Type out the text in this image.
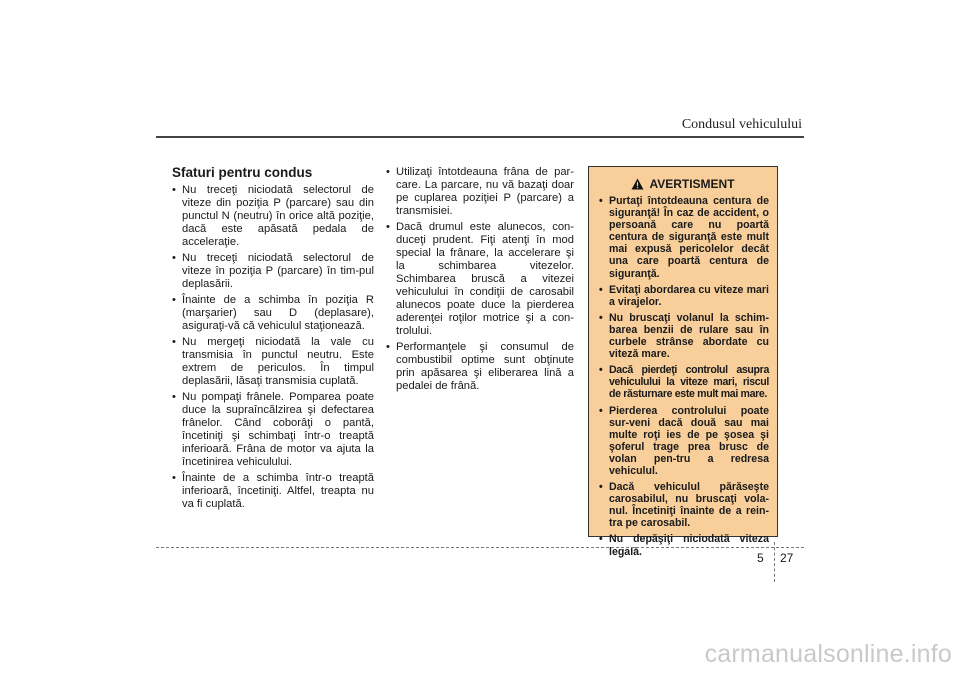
Condusul vehiculului
Sfaturi pentru condus
• Nu treceţi niciodată selectorul de viteze din poziţia P (parcare) sau din punctul N (neutru) în orice altă poziţie, dacă este apăsată pedala de acceleraţie.
• Nu treceţi niciodată selectorul de viteze în poziţia P (parcare) în tim-pul deplasării.
• Înainte de a schimba în poziţia R (marşarier) sau D (deplasare), asiguraţi-vă că vehiculul staţionează.
• Nu mergeţi niciodată la vale cu transmisia în punctul neutru. Este extrem de periculos. În timpul deplasării, lăsaţi transmisia cuplată.
• Nu pompaţi frânele. Pomparea poate duce la supraîncălzirea şi defectarea frânelor. Când coborâţi o pantă, încetiniţi şi schimbaţi într-o treaptă inferioară. Frâna de motor va ajuta la încetinirea vehiculului.
• Înainte de a schimba într-o treaptă inferioară, încetiniţi. Altfel, treapta nu va fi cuplată.
• Utilizaţi întotdeauna frâna de par-care. La parcare, nu vă bazaţi doar pe cuplarea poziţiei P (parcare) a transmisiei.
• Dacă drumul este alunecos, con-duceţi prudent. Fiţi atenţi în mod special la frânare, la accelerare şi la schimbarea vitezelor. Schimbarea bruscă a vitezei vehiculului în condiţii de carosabil alunecos poate duce la pierderea aderenţei roţilor motrice şi a con-trolului.
• Performanţele şi consumul de combustibil optime sunt obţinute prin apăsarea şi eliberarea lină a pedalei de frână.
AVERTISMENT
• Purtaţi întotdeauna centura de siguranţă! În caz de accident, o persoană care nu poartă centura de siguranţă este mult mai expusă pericolelor decât una care poartă centura de siguranţă.
• Evitaţi abordarea cu viteze mari a virajelor.
• Nu bruscaţi volanul la schim-barea benzii de rulare sau în curbele strânse abordate cu viteză mare.
• Dacă pierdeţi controlul asupra vehiculului la viteze mari, riscul de răsturnare este mult mai mare.
• Pierderea controlului poate sur-veni dacă două sau mai multe roţi ies de pe şosea şi şoferul trage prea brusc de volan pen-tru a redresa vehiculul.
• Dacă vehiculul părăseşte carosabilul, nu bruscaţi vola-nul. Încetiniţi înainte de a rein-tra pe carosabil.
• Nu depăşiţi niciodată viteza legală.	5 27
carmanualsonline.info
